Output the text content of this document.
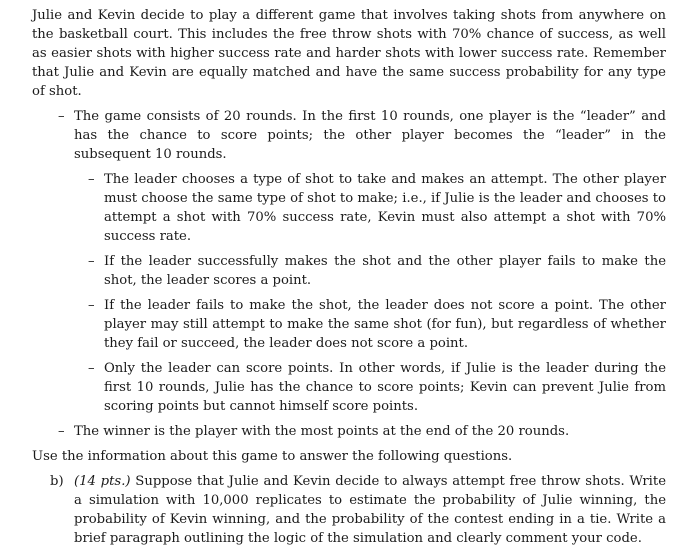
Julie and Kevin decide to play a different game that involves taking shots from anywhere on the basketball court. This includes the free throw shots with 70% chance of success, as well as easier shots with higher success rate and harder shots with lower success rate. Remember that Julie and Kevin are equally matched and have the same success probability for any type of shot.

– The game consists of 20 rounds. In the first 10 rounds, one player is the “leader” and has the chance to score points; the other player becomes the “leader” in the subsequent 10 rounds.

– The leader chooses a type of shot to take and makes an attempt. The other player must choose the same type of shot to make; i.e., if Julie is the leader and chooses to attempt a shot with 70% success rate, Kevin must also attempt a shot with 70% success rate.

– If the leader successfully makes the shot and the other player fails to make the shot, the leader scores a point.

– If the leader fails to make the shot, the leader does not score a point. The other player may still attempt to make the same shot (for fun), but regardless of whether they fail or succeed, the leader does not score a point.

– Only the leader can score points. In other words, if Julie is the leader during the first 10 rounds, Julie has the chance to score points; Kevin can prevent Julie from scoring points but cannot himself score points.

– The winner is the player with the most points at the end of the 20 rounds.

Use the information about this game to answer the following questions.

b) (14 pts.) Suppose that Julie and Kevin decide to always attempt free throw shots. Write a simulation with 10,000 replicates to estimate the probability of Julie winning, the probability of Kevin winning, and the probability of the contest ending in a tie. Write a brief paragraph outlining the logic of the simulation and clearly comment your code.
